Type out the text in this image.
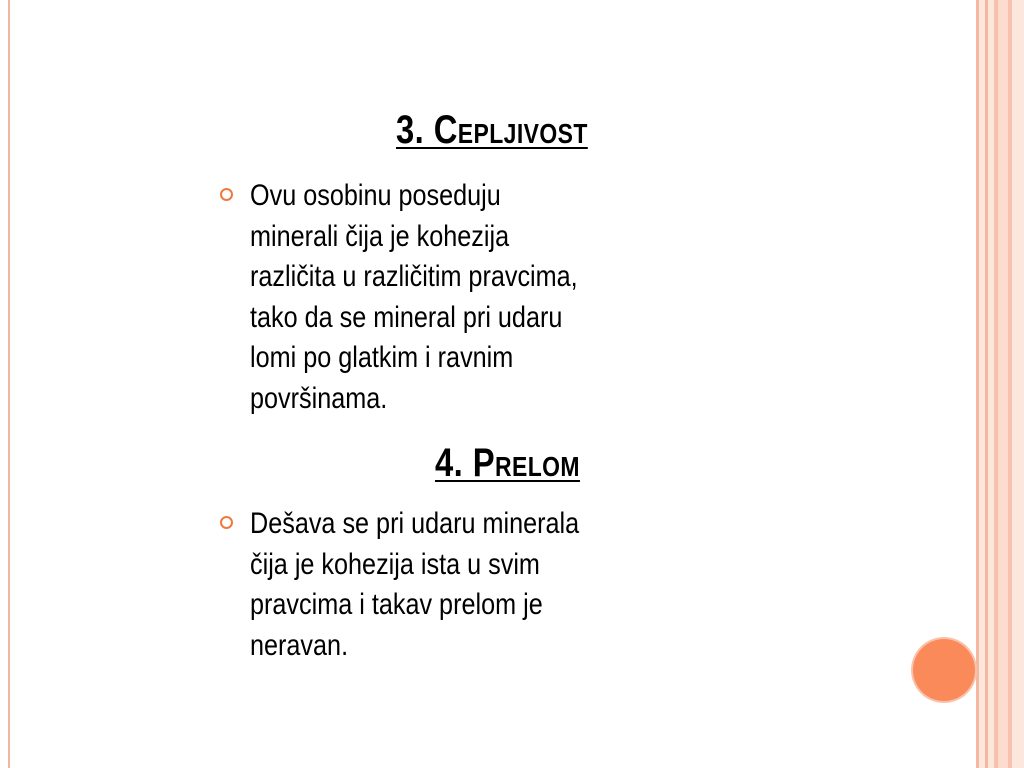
3. Cepljivost
Ovu osobinu poseduju
minerali čija je kohezija
različita u različitim pravcima,
tako da se mineral pri udaru
lomi po glatkim i ravnim
površinama.
4. Prelom
Dešava se pri udaru minerala
čija je kohezija ista u svim
pravcima i takav prelom je
neravan.
